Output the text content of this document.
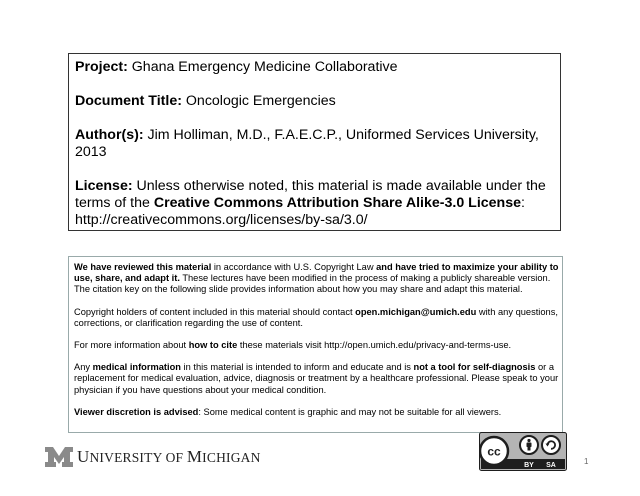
Project: Ghana Emergency Medicine Collaborative

Document Title: Oncologic Emergencies

Author(s): Jim Holliman, M.D., F.A.E.C.P., Uniformed Services University, 2013

License: Unless otherwise noted, this material is made available under the terms of the Creative Commons Attribution Share Alike-3.0 License: http://creativecommons.org/licenses/by-sa/3.0/

We have reviewed this material in accordance with U.S. Copyright Law and have tried to maximize your ability to use, share, and adapt it. These lectures have been modified in the process of making a publicly shareable version. The citation key on the following slide provides information about how you may share and adapt this material.

Copyright holders of content included in this material should contact open.michigan@umich.edu with any questions, corrections, or clarification regarding the use of content.

For more information about how to cite these materials visit http://open.umich.edu/privacy-and-terms-use.

Any medical information in this material is intended to inform and educate and is not a tool for self-diagnosis or a replacement for medical evaluation, advice, diagnosis or treatment by a healthcare professional. Please speak to your physician if you have questions about your medical condition.

Viewer discretion is advised: Some medical content is graphic and may not be suitable for all viewers.

UNIVERSITY OF MICHIGAN	cc
BY SA	1
